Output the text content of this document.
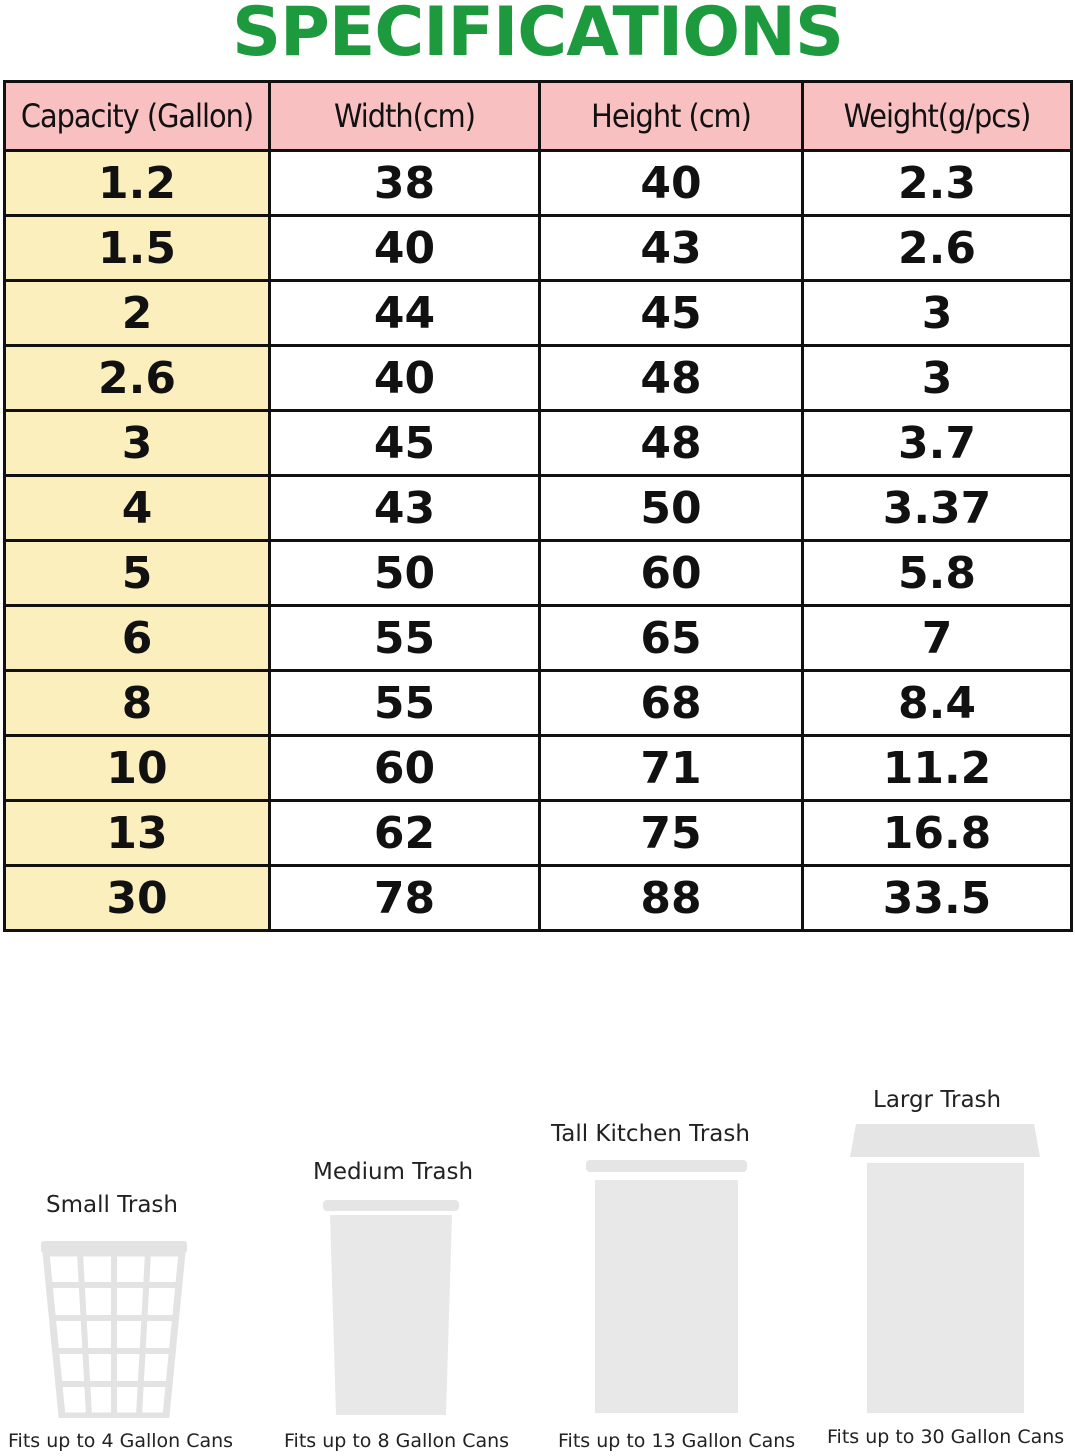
SPECIFICATIONS
Capacity (Gallon)	Width(cm)	Height (cm)	Weight(g/pcs)
1.2	38	40	2.3
1.5	40	43	2.6
2	44	45	3
2.6	40	48	3
3	45	48	3.7
4	43	50	3.37
5	50	60	5.8
6	55	65	7
8	55	68	8.4
10	60	71	11.2
13	62	75	16.8
30	78	88	33.5
Small Trash
Fits up to 4 Gallon Cans
Medium Trash
Fits up to 8 Gallon Cans
Tall Kitchen Trash
Fits up to 13 Gallon Cans
Largr Trash
Fits up to 30 Gallon Cans
